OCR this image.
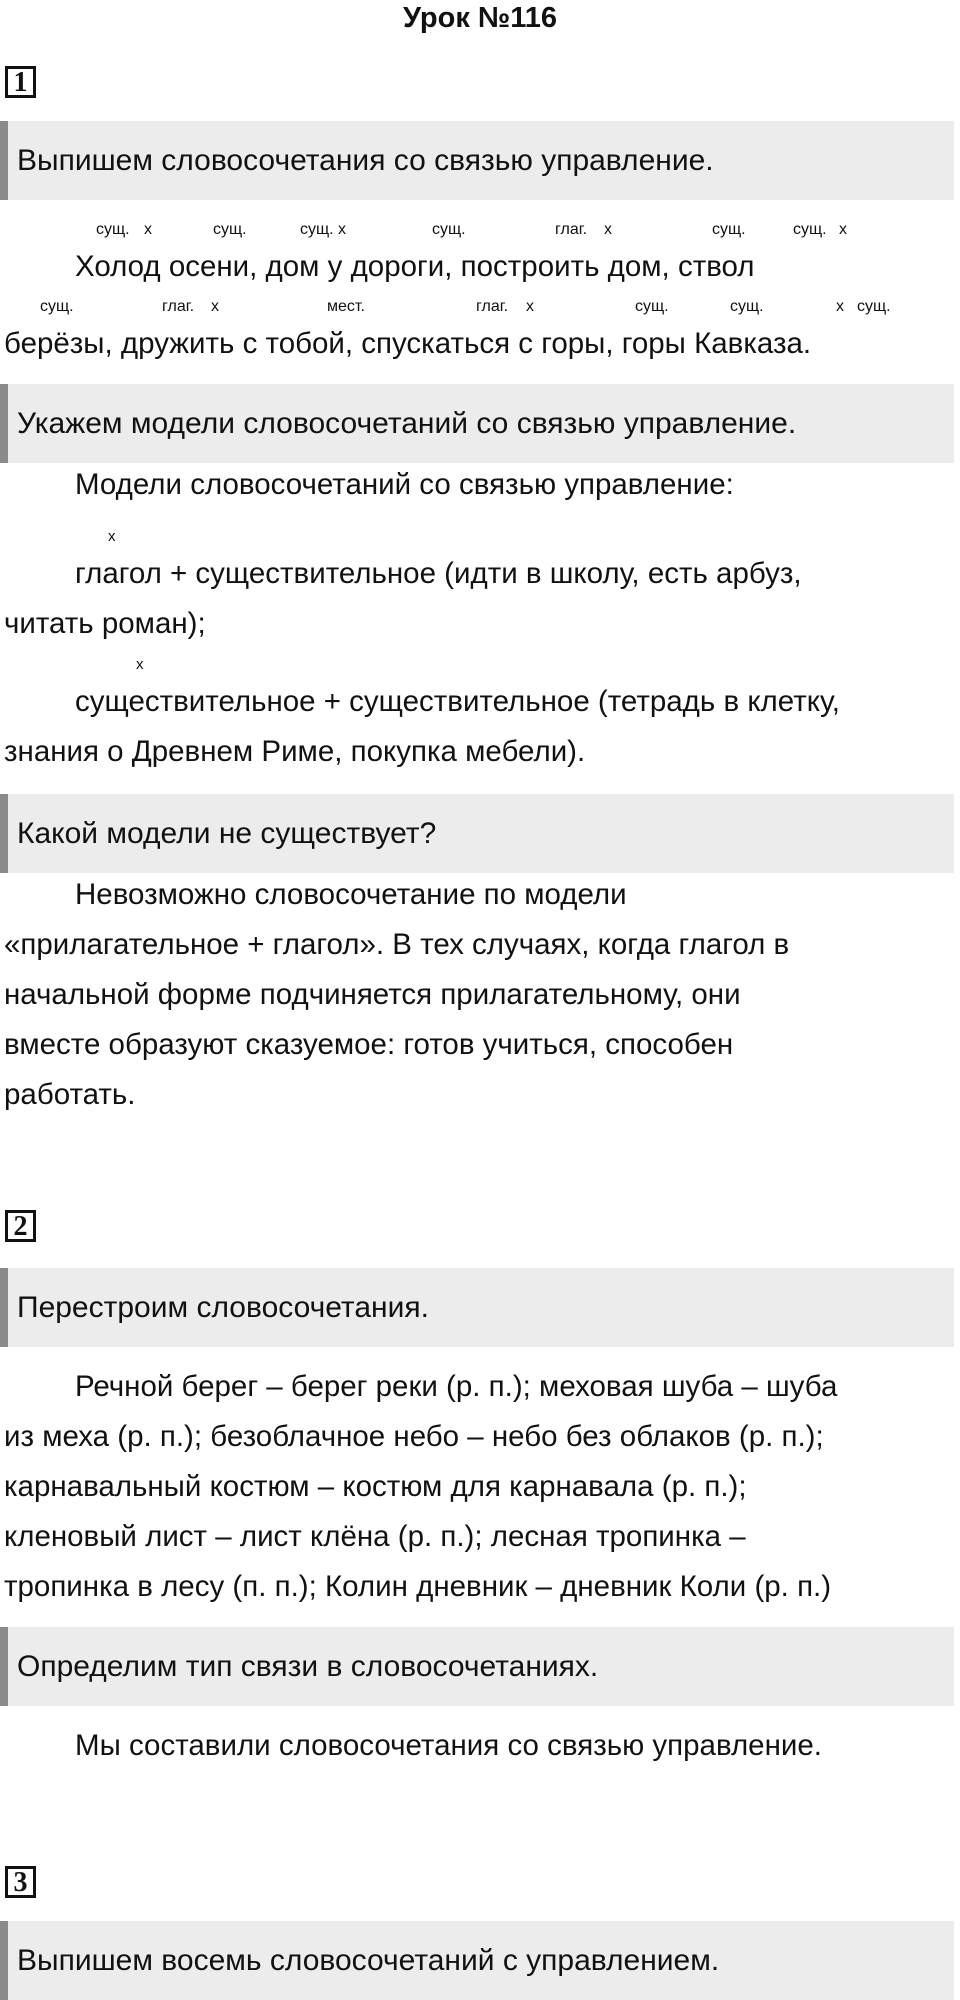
Урок №116
1
Выпишем словосочетания со связью управление.
сущ. x	сущ.	сущ. x	сущ.	глаг. x	сущ.	сущ. x
Холод осени, дом у дороги, построить дом, ствол
сущ.	глаг. x	мест.	глаг. x	сущ.	сущ.	x сущ.
берёзы, дружить с тобой, спускаться с горы, горы Кавказа.
Укажем модели словосочетаний со связью управление.
Модели словосочетаний со связью управление:
x
глагол + существительное (идти в школу, есть арбуз,
читать роман);
x
существительное + существительное (тетрадь в клетку,
знания о Древнем Риме, покупка мебели).
Какой модели не существует?
Невозможно словосочетание по модели
«прилагательное + глагол». В тех случаях, когда глагол в
начальной форме подчиняется прилагательному, они
вместе образуют сказуемое: готов учиться, способен
работать.
2
Перестроим словосочетания.
Речной берег – берег реки (р. п.); меховая шуба – шуба
из меха (р. п.); безоблачное небо – небо без облаков (р. п.);
карнавальный костюм – костюм для карнавала (р. п.);
кленовый лист – лист клёна (р. п.); лесная тропинка –
тропинка в лесу (п. п.); Колин дневник – дневник Коли (р. п.)
Определим тип связи в словосочетаниях.
Мы составили словосочетания со связью управление.
3
Выпишем восемь словосочетаний с управлением.
